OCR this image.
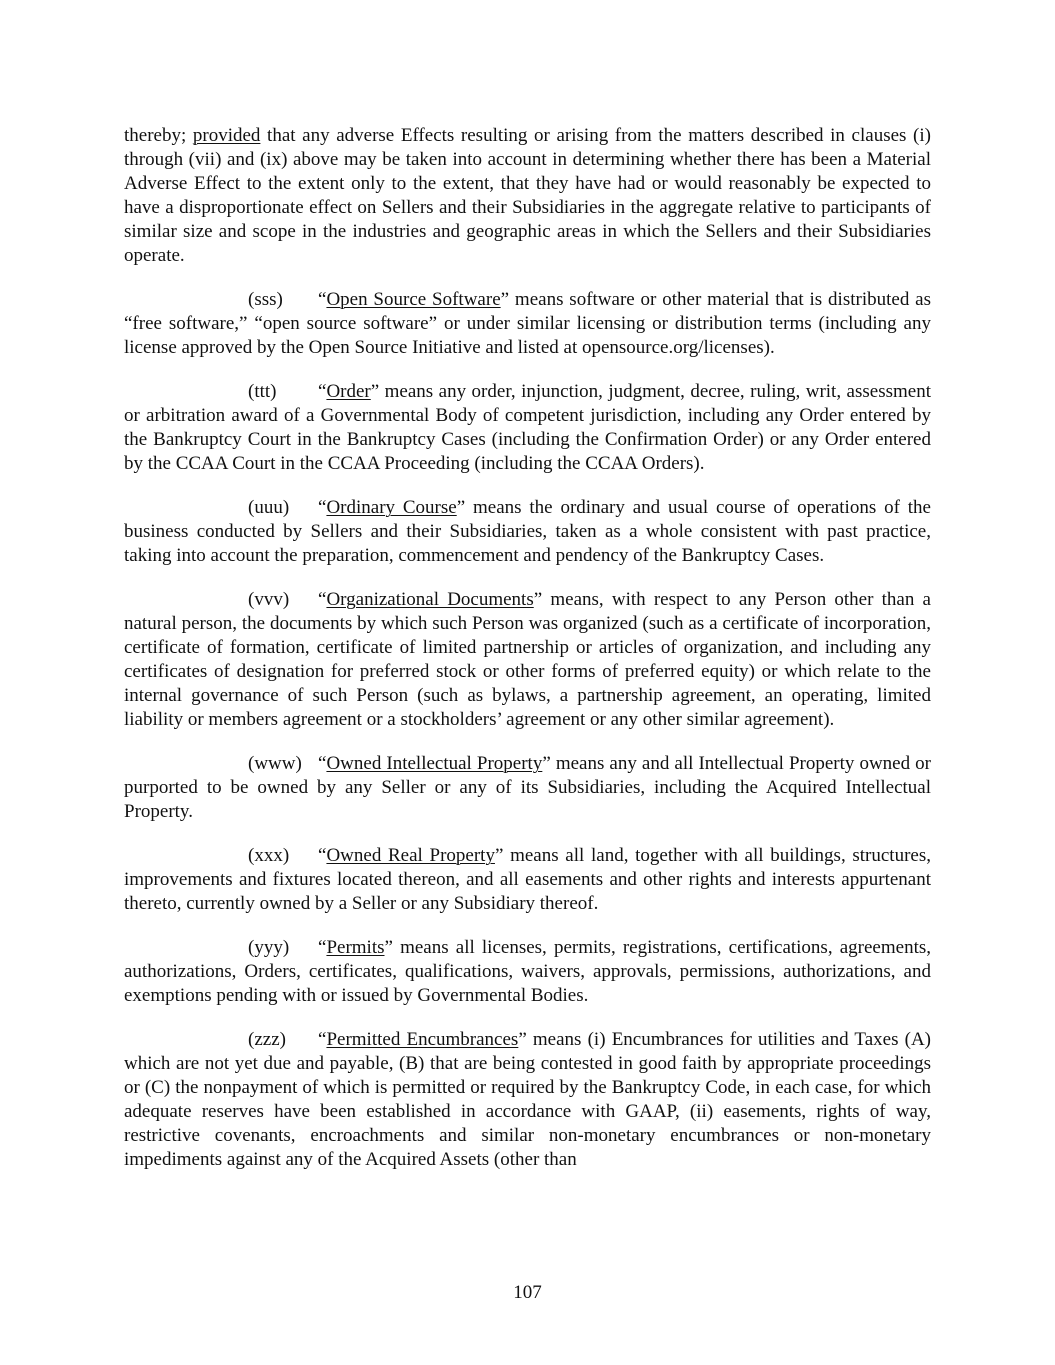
thereby; provided that any adverse Effects resulting or arising from the matters described in clauses (i) through (vii) and (ix) above may be taken into account in determining whether there has been a Material Adverse Effect to the extent only to the extent, that they have had or would reasonably be expected to have a disproportionate effect on Sellers and their Subsidiaries in the aggregate relative to participants of similar size and scope in the industries and geographic areas in which the Sellers and their Subsidiaries operate.

(sss) “Open Source Software” means software or other material that is distributed as “free software,” “open source software” or under similar licensing or distribution terms (including any license approved by the Open Source Initiative and listed at opensource.org/licenses).

(ttt) “Order” means any order, injunction, judgment, decree, ruling, writ, assessment or arbitration award of a Governmental Body of competent jurisdiction, including any Order entered by the Bankruptcy Court in the Bankruptcy Cases (including the Confirmation Order) or any Order entered by the CCAA Court in the CCAA Proceeding (including the CCAA Orders).

(uuu) “Ordinary Course” means the ordinary and usual course of operations of the business conducted by Sellers and their Subsidiaries, taken as a whole consistent with past practice, taking into account the preparation, commencement and pendency of the Bankruptcy Cases.

(vvv) “Organizational Documents” means, with respect to any Person other than a natural person, the documents by which such Person was organized (such as a certificate of incorporation, certificate of formation, certificate of limited partnership or articles of organization, and including any certificates of designation for preferred stock or other forms of preferred equity) or which relate to the internal governance of such Person (such as bylaws, a partnership agreement, an operating, limited liability or members agreement or a stockholders’ agreement or any other similar agreement).

(www) “Owned Intellectual Property” means any and all Intellectual Property owned or purported to be owned by any Seller or any of its Subsidiaries, including the Acquired Intellectual Property.

(xxx) “Owned Real Property” means all land, together with all buildings, structures, improvements and fixtures located thereon, and all easements and other rights and interests appurtenant thereto, currently owned by a Seller or any Subsidiary thereof.

(yyy) “Permits” means all licenses, permits, registrations, certifications, agreements, authorizations, Orders, certificates, qualifications, waivers, approvals, permissions, authorizations, and exemptions pending with or issued by Governmental Bodies.

(zzz) “Permitted Encumbrances” means (i) Encumbrances for utilities and Taxes (A) which are not yet due and payable, (B) that are being contested in good faith by appropriate proceedings or (C) the nonpayment of which is permitted or required by the Bankruptcy Code, in each case, for which adequate reserves have been established in accordance with GAAP, (ii) easements, rights of way, restrictive covenants, encroachments and similar non-monetary encumbrances or non-monetary impediments against any of the Acquired Assets (other than

107
